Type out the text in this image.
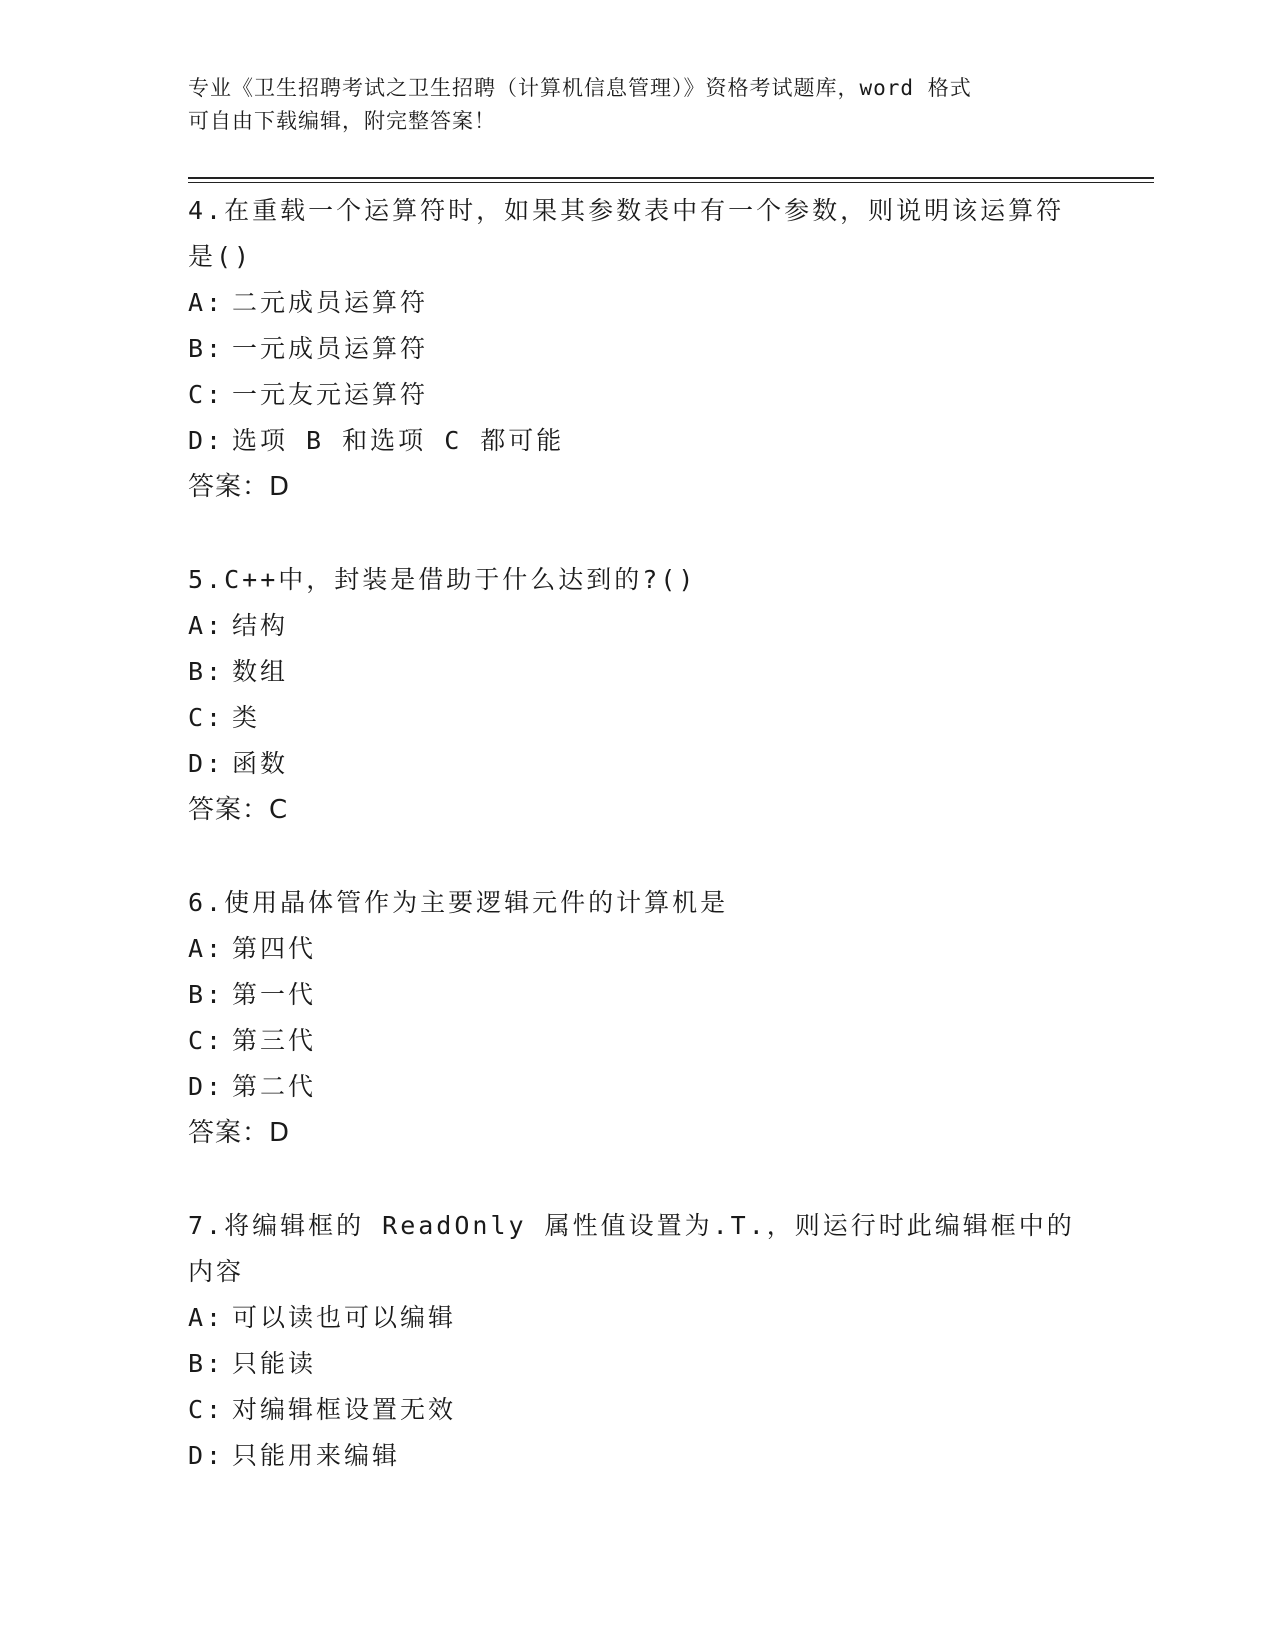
专业《卫生招聘考试之卫生招聘（计算机信息管理）》资格考试题库，word 格式
可自由下载编辑，附完整答案！
4.在重载一个运算符时，如果其参数表中有一个参数，则说明该运算符是()
A: 二元成员运算符
B: 一元成员运算符
C: 一元友元运算符
D: 选项 B 和选项 C 都可能
答案：D
5.C++中，封装是借助于什么达到的?()
A: 结构
B: 数组
C: 类
D: 函数
答案：C
6.使用晶体管作为主要逻辑元件的计算机是
A: 第四代
B: 第一代
C: 第三代
D: 第二代
答案：D
7.将编辑框的 ReadOnly 属性值设置为.T.，则运行时此编辑框中的内容
A: 可以读也可以编辑
B: 只能读
C: 对编辑框设置无效
D: 只能用来编辑
